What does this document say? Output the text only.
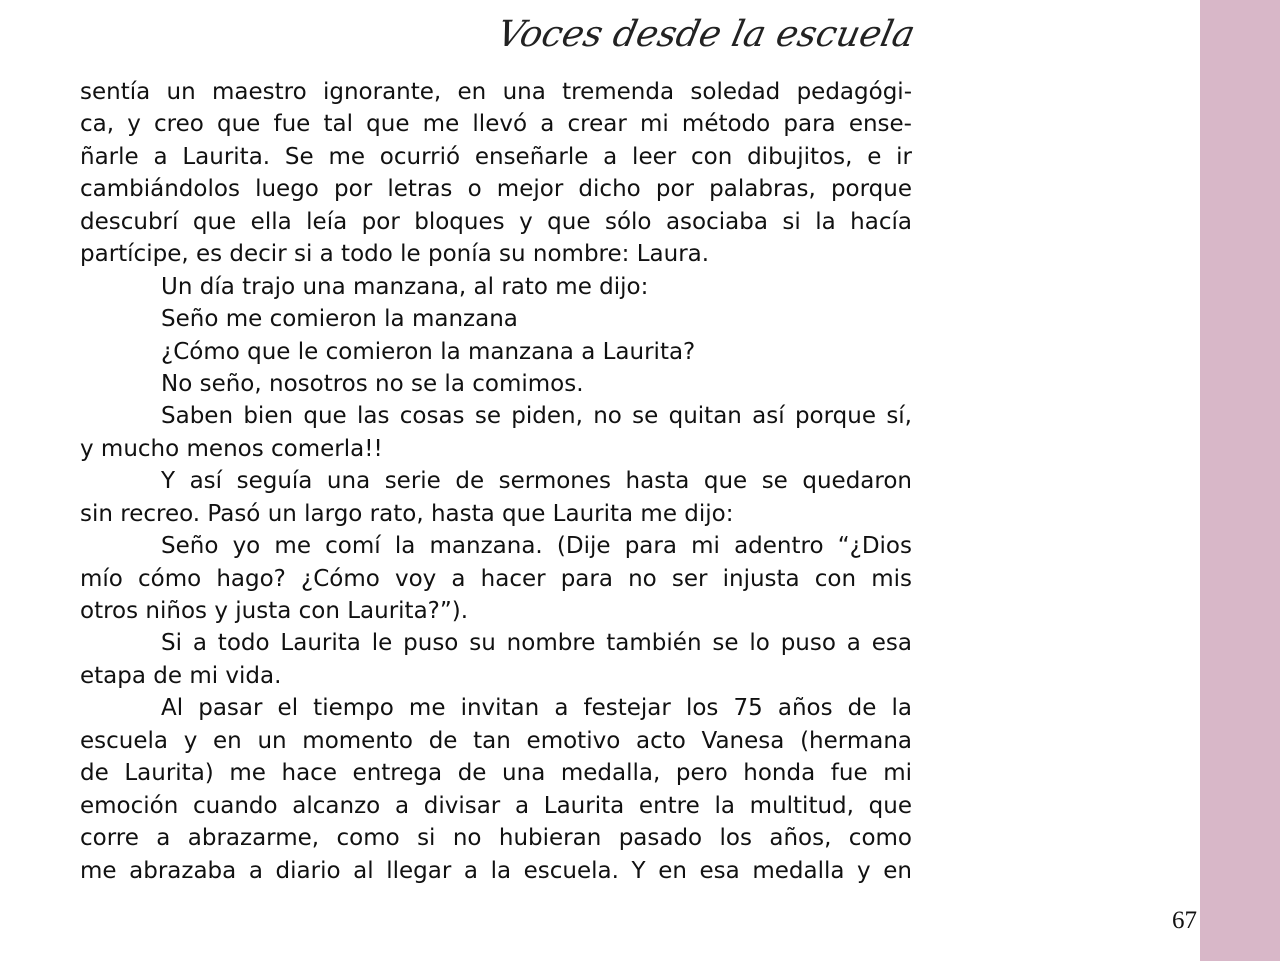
Voces desde la escuela
sentía un maestro ignorante, en una tremenda soledad pedagógi-
ca, y creo que fue tal que me llevó a crear mi método para ense-
ñarle a Laurita. Se me ocurrió enseñarle a leer con dibujitos, e ir
cambiándolos luego por letras o mejor dicho por palabras, porque
descubrí que ella leía por bloques y que sólo asociaba si la hacía
partícipe, es decir si a todo le ponía su nombre: Laura.
Un día trajo una manzana, al rato me dijo:
Seño me comieron la manzana
¿Cómo que le comieron la manzana a Laurita?
No seño, nosotros no se la comimos.
Saben bien que las cosas se piden, no se quitan así porque sí,
y mucho menos comerla!!
Y así seguía una serie de sermones hasta que se quedaron
sin recreo. Pasó un largo rato, hasta que Laurita me dijo:
Seño yo me comí la manzana. (Dije para mi adentro “¿Dios
mío cómo hago? ¿Cómo voy a hacer para no ser injusta con mis
otros niños y justa con Laurita?”).
Si a todo Laurita le puso su nombre también se lo puso a esa
etapa de mi vida.
Al pasar el tiempo me invitan a festejar los 75 años de la
escuela y en un momento de tan emotivo acto Vanesa (hermana
de Laurita) me hace entrega de una medalla, pero honda fue mi
emoción cuando alcanzo a divisar a Laurita entre la multitud, que
corre a abrazarme, como si no hubieran pasado los años, como
me abrazaba a diario al llegar a la escuela. Y en esa medalla y en
67
